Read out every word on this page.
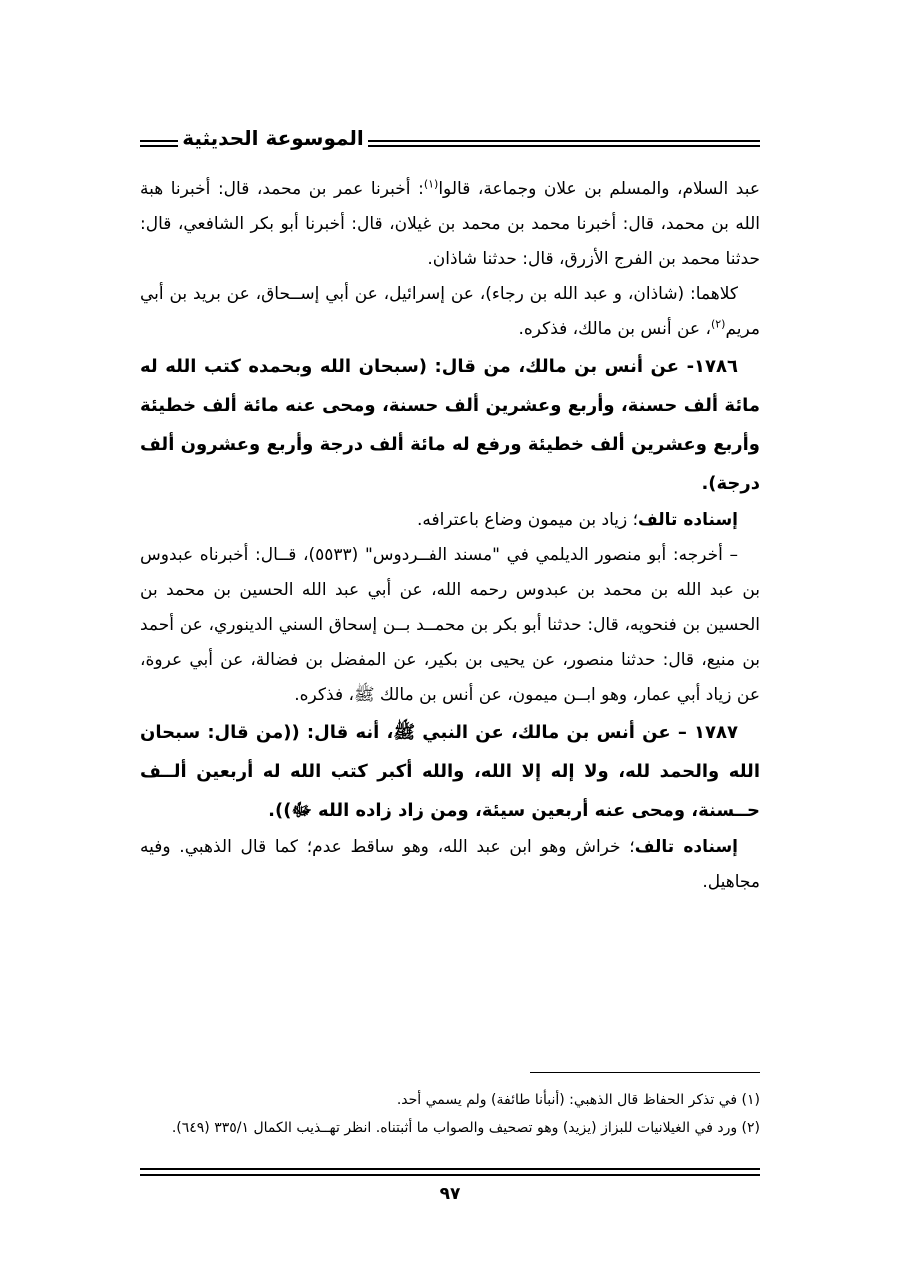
الموسوعة الحديثية

عبد السلام، والمسلم بن علان وجماعة، قالوا$^{(١)}$: أخبرنا عمر بن محمد، قال: أخبرنا هبة الله بن محمد، قال: أخبرنا محمد بن محمد بن غيلان، قال: أخبرنا أبو بكر الشافعي، قال: حدثنا محمد بن الفرج الأزرق، قال: حدثنا شاذان.

كلاهما: (شاذان، و عبد الله بن رجاء)، عن إسرائيل، عن أبي إســحاق، عن بريد بن أبي مريم$^{(٢)}$، عن أنس بن مالك، فذكره.

١٧٨٦- عن أنس بن مالك، من قال: (سبحان الله وبحمده كتب الله له مائة ألف حسنة، وأربع وعشرين ألف حسنة، ومحى عنه مائة ألف خطيئة وأربع وعشرين ألف خطيئة ورفع له مائة ألف درجة وأربع وعشرون ألف درجة).

إسناده تالف؛ زياد بن ميمون وضاع باعترافه.

– أخرجه: أبو منصور الديلمي في "مسند الفــردوس" (٥٥٣٣)، قــال: أخبرناه عبدوس بن عبد الله بن محمد بن عبدوس رحمه الله، عن أبي عبد الله الحسين بن محمد بن الحسين بن فنحويه، قال: حدثنا أبو بكر بن محمــد بــن إسحاق السني الدينوري، عن أحمد بن منيع، قال: حدثنا منصور، عن يحيى بن بكير، عن المفضل بن فضالة، عن أبي عروة، عن زياد أبي عمار، وهو ابــن ميمون، عن أنس بن مالك ﷺ، فذكره.

١٧٨٧ – عن أنس بن مالك، عن النبي ﷺ، أنه قال: ((من قال: سبحان الله والحمد لله، ولا إله إلا الله، والله أكبر كتب الله له أربعين ألــف حــسنة، ومحى عنه أربعين سيئة، ومن زاد زاده الله ﷻ)).

إسناده تالف؛ خراش وهو ابن عبد الله، وهو ساقط عدم؛ كما قال الذهبي. وفيه مجاهيل.

(١) في تذكر الحفاظ قال الذهبي: (أنبأنا طائفة) ولم يسمي أحد.

(٢) ورد في الغيلانيات للبزاز (يزيد) وهو تصحيف والصواب ما أثبتناه. انظر تهــذيب الكمال ٣٣٥/١ (٦٤٩).

٩٧
